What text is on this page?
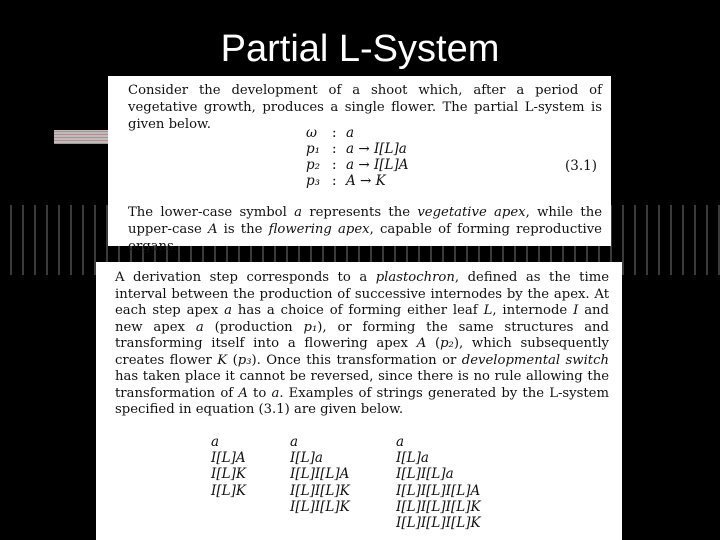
Partial L-System
Consider the development of a shoot which, after a period of vegetative growth, produces a single flower. The partial L-system is given below.
ω	: a
p₁ : a → I[L]a
p₂ : a → I[L]A
p₃ : A → K
(3.1)
The lower-case symbol a represents the vegetative apex, while the upper-case A is the flowering apex, capable of forming reproductive organs.
A derivation step corresponds to a plastochron, defined as the time interval between the production of successive internodes by the apex. At each step apex a has a choice of forming either leaf L, internode I and new apex a (production p₁), or forming the same structures and transforming itself into a flowering apex A (p₂), which subsequently creates flower K (p₃). Once this transformation or developmental switch has taken place it cannot be reversed, since there is no rule allowing the transformation of A to a. Examples of strings generated by the L-system specified in equation (3.1) are given below.
a
I[L]A
I[L]K
I[L]K
a
I[L]a
I[L]I[L]A
I[L]I[L]K
I[L]I[L]K
a
I[L]a
I[L]I[L]a
I[L]I[L]I[L]A
I[L]I[L]I[L]K
I[L]I[L]I[L]K
